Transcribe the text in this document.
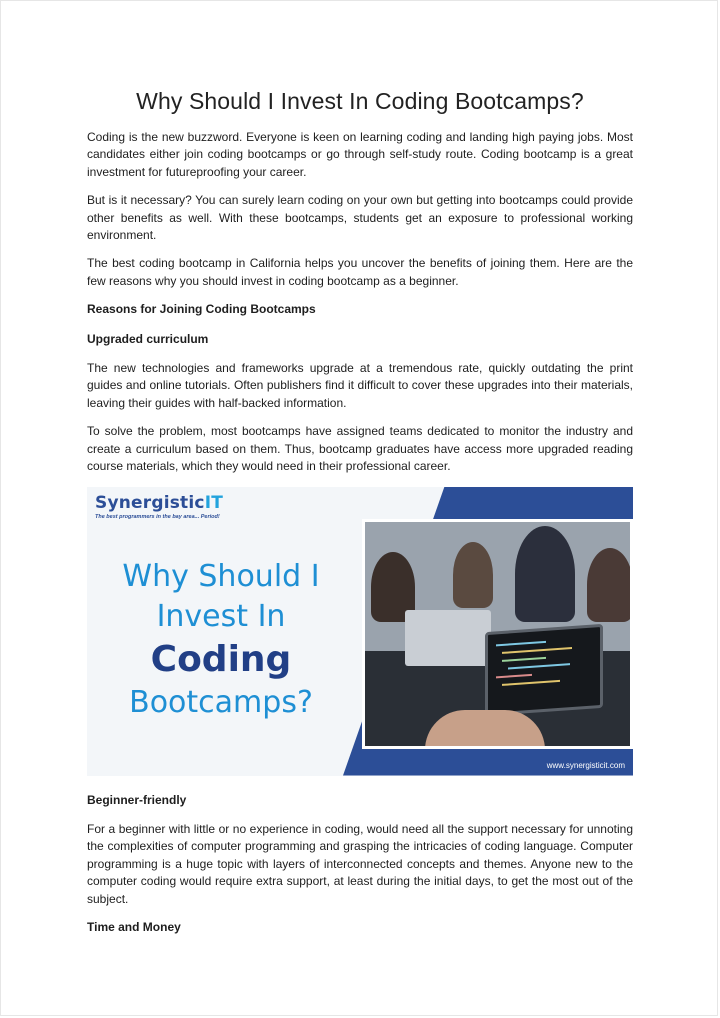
Why Should I Invest In Coding Bootcamps?

Coding is the new buzzword. Everyone is keen on learning coding and landing high paying jobs. Most candidates either join coding bootcamps or go through self-study route. Coding bootcamp is a great investment for futureproofing your career.

But is it necessary? You can surely learn coding on your own but getting into bootcamps could provide other benefits as well. With these bootcamps, students get an exposure to professional working environment.

The best coding bootcamp in California helps you uncover the benefits of joining them. Here are the few reasons why you should invest in coding bootcamp as a beginner.

Reasons for Joining Coding Bootcamps

Upgraded curriculum

The new technologies and frameworks upgrade at a tremendous rate, quickly outdating the print guides and online tutorials. Often publishers find it difficult to cover these upgrades into their materials, leaving their guides with half-backed information.

To solve the problem, most bootcamps have assigned teams dedicated to monitor the industry and create a curriculum based on them. Thus, bootcamp graduates have access more upgraded reading course materials, which they would need in their professional career.

SynergisticIT
The best programmers in the bay area... Period!
Why Should I
Invest In
Coding
Bootcamps?
www.synergisticit.com

Beginner-friendly

For a beginner with little or no experience in coding, would need all the support necessary for unnoting the complexities of computer programming and grasping the intricacies of coding language. Computer programming is a huge topic with layers of interconnected concepts and themes. Anyone new to the computer coding would require extra support, at least during the initial days, to get the most out of the subject.

Time and Money
